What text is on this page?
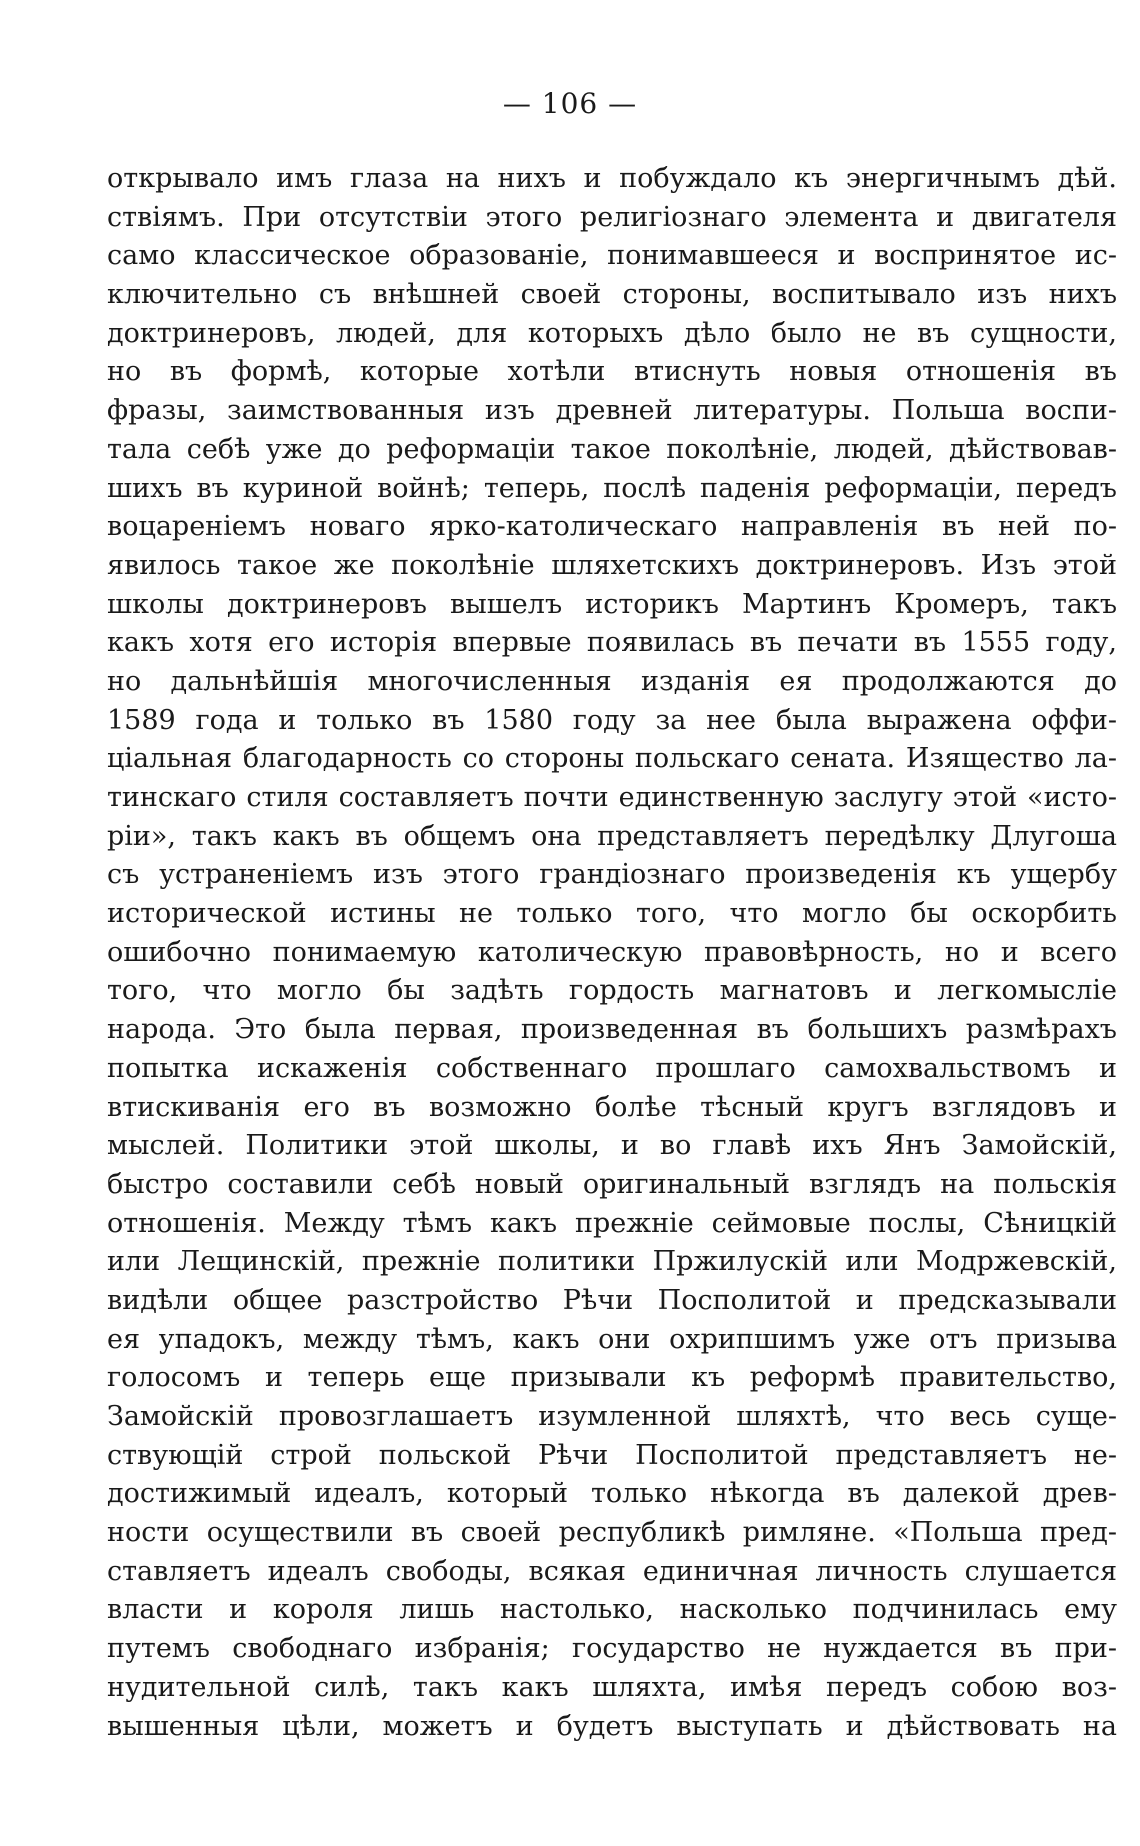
— 106 —
открывало имъ глаза на нихъ и побуждало къ энергичнымъ дѣй.
ствіямъ. При отсутствіи этого религіознаго элемента и двигателя
само классическое образованіе, понимавшееся и воспринятое ис-
ключительно съ внѣшней своей стороны, воспитывало изъ нихъ
доктринеровъ, людей, для которыхъ дѣло было не въ сущности,
но въ формѣ, которые хотѣли втиснуть новыя отношенія въ
фразы, заимствованныя изъ древней литературы. Польша воспи-
тала себѣ уже до реформаціи такое поколѣніе, людей, дѣйствовав-
шихъ въ куриной войнѣ; теперь, послѣ паденія реформаціи, передъ
воцареніемъ новаго ярко-католическаго направленія въ ней по-
явилось такое же поколѣніе шляхетскихъ доктринеровъ. Изъ этой
школы доктринеровъ вышелъ историкъ Мартинъ Кромеръ, такъ
какъ хотя его исторія впервые появилась въ печати въ 1555 году,
но дальнѣйшія многочисленныя изданія ея продолжаются до
1589 года и только въ 1580 году за нее была выражена оффи-
ціальная благодарность со стороны польскаго сената. Изящество ла-
тинскаго стиля составляетъ почти единственную заслугу этой «исто-
ріи», такъ какъ въ общемъ она представляетъ передѣлку Длугоша
съ устраненіемъ изъ этого грандіознаго произведенія къ ущербу
исторической истины не только того, что могло бы оскорбить
ошибочно понимаемую католическую правовѣрность, но и всего
того, что могло бы задѣть гордость магнатовъ и легкомысліе
народа. Это была первая, произведенная въ большихъ размѣрахъ
попытка искаженія собственнаго прошлаго самохвальствомъ и
втискиванія его въ возможно болѣе тѣсный кругъ взглядовъ и
мыслей. Политики этой школы, и во главѣ ихъ Янъ Замойскій,
быстро составили себѣ новый оригинальный взглядъ на польскія
отношенія. Между тѣмъ какъ прежніе сеймовые послы, Сѣницкій
или Лещинскій, прежніе политики Пржилускій или Модржевскій,
видѣли общее разстройство Рѣчи Посполитой и предсказывали
ея упадокъ, между тѣмъ, какъ они охрипшимъ уже отъ призыва
голосомъ и теперь еще призывали къ реформѣ правительство,
Замойскій провозглашаетъ изумленной шляхтѣ, что весь суще-
ствующій строй польской Рѣчи Посполитой представляетъ не-
достижимый идеалъ, который только нѣкогда въ далекой древ-
ности осуществили въ своей республикѣ римляне. «Польша пред-
ставляетъ идеалъ свободы, всякая единичная личность слушается
власти и короля лишь настолько, насколько подчинилась ему
путемъ свободнаго избранія; государство не нуждается въ при-
нудительной силѣ, такъ какъ шляхта, имѣя передъ собою воз-
вышенныя цѣли, можетъ и будетъ выступать и дѣйствовать на
